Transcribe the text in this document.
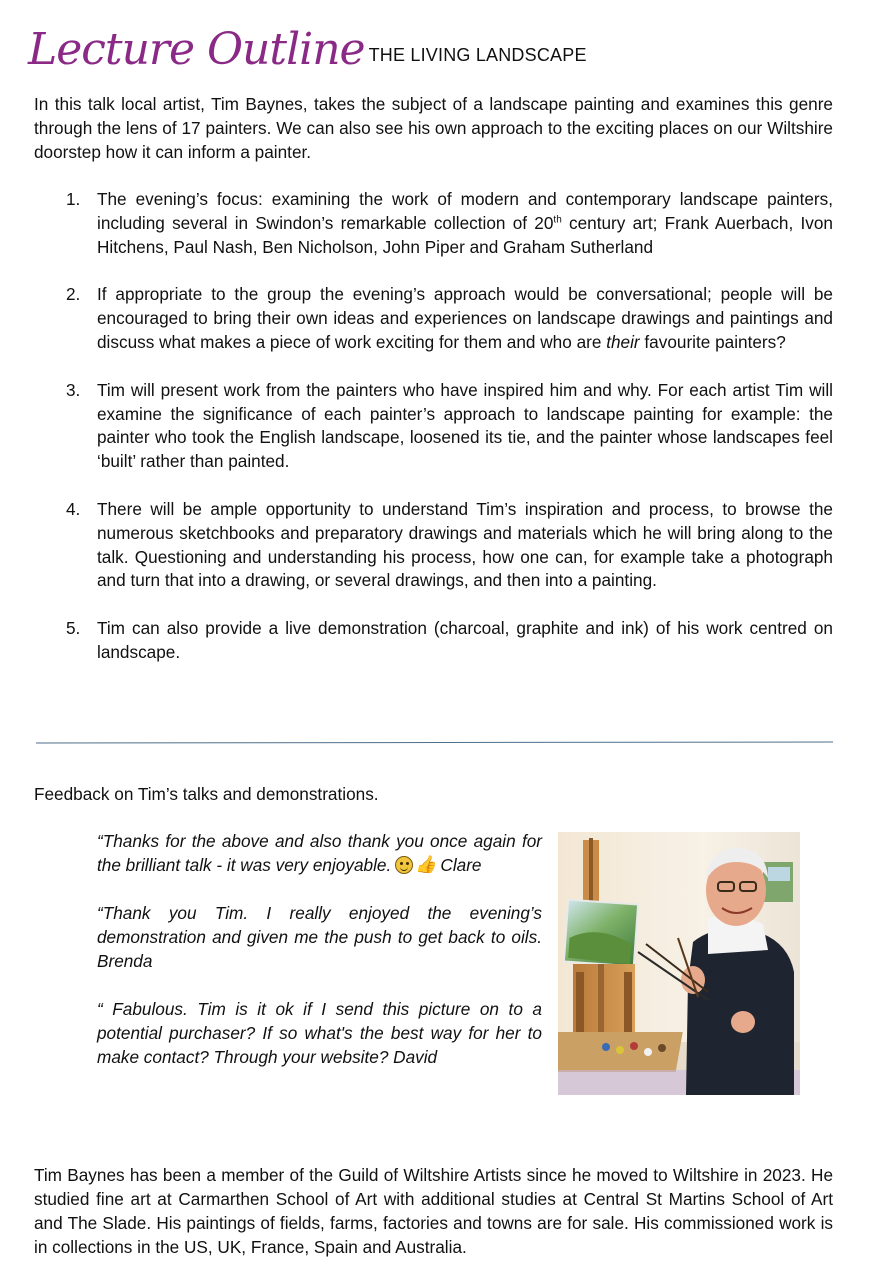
Lecture Outline THE LIVING LANDSCAPE

In this talk local artist, Tim Baynes, takes the subject of a landscape painting and examines this genre through the lens of 17 painters. We can also see his own approach to the exciting places on our Wiltshire doorstep how it can inform a painter.

1. The evening’s focus: examining the work of modern and contemporary landscape painters, including several in Swindon’s remarkable collection of 20th century art; Frank Auerbach, Ivon Hitchens, Paul Nash, Ben Nicholson, John Piper and Graham Sutherland
2. If appropriate to the group the evening’s approach would be conversational; people will be encouraged to bring their own ideas and experiences on landscape drawings and paintings and discuss what makes a piece of work exciting for them and who are their favourite painters?
3. Tim will present work from the painters who have inspired him and why. For each artist Tim will examine the significance of each painter’s approach to landscape painting for example: the painter who took the English landscape, loosened its tie, and the painter whose landscapes feel ‘built’ rather than painted.
4. There will be ample opportunity to understand Tim’s inspiration and process, to browse the numerous sketchbooks and preparatory drawings and materials which he will bring along to the talk. Questioning and understanding his process, how one can, for example take a photograph and turn that into a drawing, or several drawings, and then into a painting.
5. Tim can also provide a live demonstration (charcoal, graphite and ink) of his work centred on landscape.
Feedback on Tim’s talks and demonstrations.

“Thanks for the above and also thank you once again for the brilliant talk - it was very enjoyable. 👍 Clare

“Thank you Tim. I really enjoyed the evening’s demonstration and given me the push to get back to oils. Brenda

“ Fabulous. Tim is it ok if I send this picture on to a potential purchaser? If so what's the best way for her to make contact? Through your website? David

Tim Baynes has been a member of the Guild of Wiltshire Artists since he moved to Wiltshire in 2023. He studied fine art at Carmarthen School of Art with additional studies at Central St Martins School of Art and The Slade. His paintings of fields, farms, factories and towns are for sale. His commissioned work is in collections in the US, UK, France, Spain and Australia.
